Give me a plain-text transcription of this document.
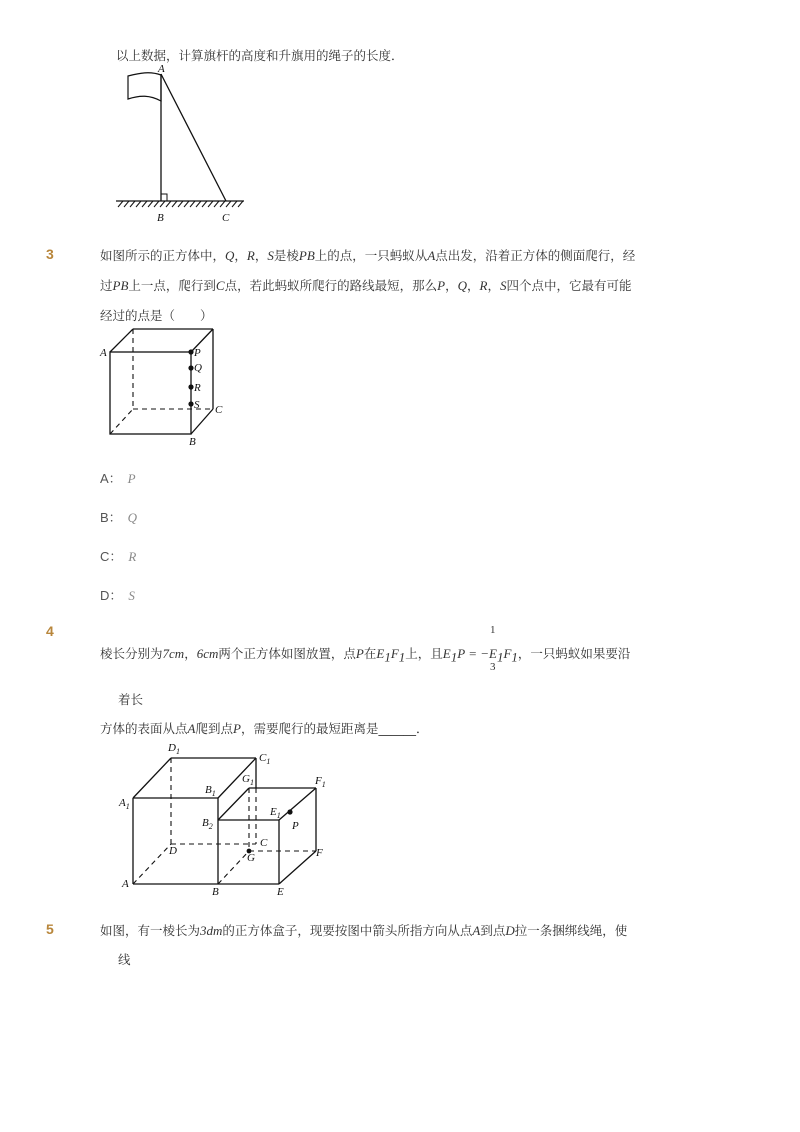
以上数据，计算旗杆的高度和升旗用的绳子的长度．
A
B	C
3	如图所示的正方体中，Q，R，S是棱PB上的点，一只蚂蚁从A点出发，沿着正方体的侧面爬行，经
过PB上一点，爬行到C点，若此蚂蚁所爬行的路线最短，那么P，Q，R，S四个点中，它最有可能
经过的点是（　　）
A	P
Q
R
S C
B
A： P
B： Q
C： R
D： S
4	1
3
棱长分别为7cm，6cm两个正方体如图放置，点P在$E_1F_1$上，且$E_1P = -E_1F_1$，一只蚂蚁如果要沿
着长
方体的表面从点A爬到点P，需要爬行的最短距离是______．
$D_1$
$C_1$
$B_1$
$G_1$	$F_1$
$A_1$	$E_1$
$B_2$	P
D
C
G	F
A
B	E
5	如图，有一棱长为3dm的正方体盒子，现要按图中箭头所指方向从点A到点D拉一条捆绑线绳，使
线
